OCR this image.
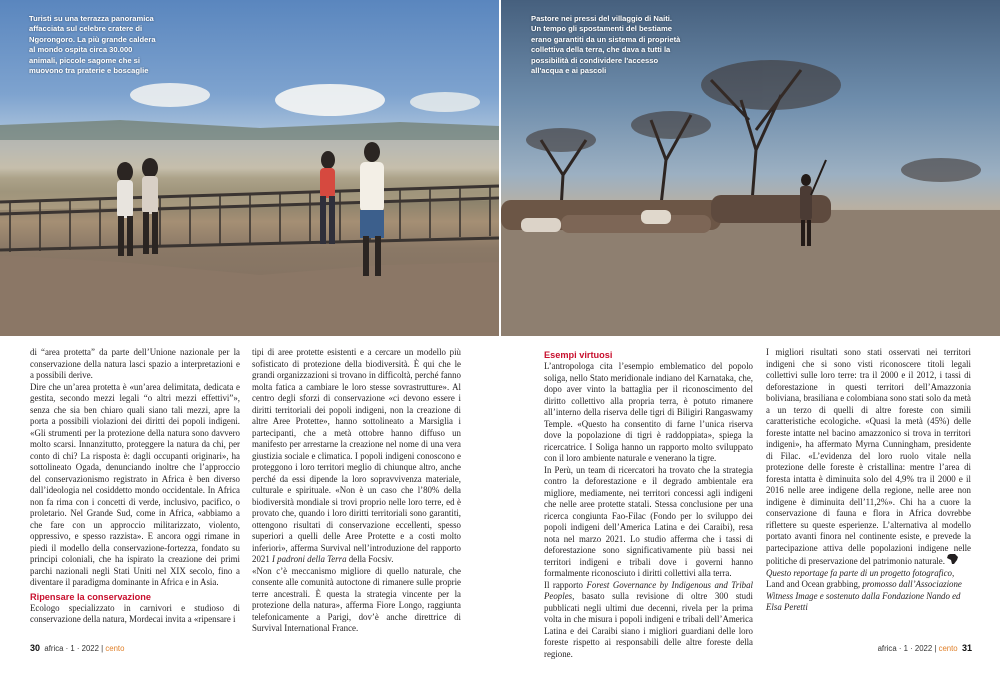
Turisti su una terrazza panoramica affacciata sul celebre cratere di Ngorongoro. La più grande caldera al mondo ospita circa 30.000 animali, piccole sagome che si muovono tra praterie e boscaglie
Pastore nei pressi del villaggio di Naiti. Un tempo gli spostamenti del bestiame erano garantiti da un sistema di proprietà collettiva della terra, che dava a tutti la possibilità di condividere l'accesso all'acqua e ai pascoli

di “area protetta” da parte dell’Unione nazionale per la conservazione della natura lasci spazio a interpretazioni e a possibili derive.

Dire che un’area protetta è «un’area delimitata, dedicata e gestita, secondo mezzi legali “o altri mezzi effettivi”», senza che sia ben chiaro quali siano tali mezzi, apre la porta a possibili violazioni dei diritti dei popoli indigeni. «Gli strumenti per la protezione della natura sono davvero molto scarsi. Innanzitutto, proteggere la natura da chi, per conto di chi? La risposta è: dagli occupanti originari», ha sottolineato Ogada, denunciando inoltre che l’approccio del conservazionismo registrato in Africa è ben diverso dall’ideologia nel cosiddetto mondo occidentale. In Africa non fa rima con i concetti di verde, inclusivo, pacifico, o proletario. Nel Grande Sud, come in Africa, «abbiamo a che fare con un approccio militarizzato, violento, oppressivo, e spesso razzista». E ancora oggi rimane in piedi il modello della conservazione-fortezza, fondato su principi coloniali, che ha ispirato la creazione dei primi parchi nazionali negli Stati Uniti nel XIX secolo, fino a diventare il paradigma dominante in Africa e in Asia.

Ripensare la conservazione

Ecologo specializzato in carnivori e studioso di conservazione della natura, Mordecai invita a «ripensare i

tipi di aree protette esistenti e a cercare un modello più sofisticato di protezione della biodiversità. È qui che le grandi organizzazioni si trovano in difficoltà, perché fanno molta fatica a cambiare le loro stesse sovrastrutture». Al centro degli sforzi di conservazione «ci devono essere i diritti territoriali dei popoli indigeni, non la creazione di altre Aree Protette», hanno sottolineato a Marsiglia i partecipanti, che a metà ottobre hanno diffuso un manifesto per arrestarne la creazione nel nome di una vera giustizia sociale e climatica. I popoli indigeni conoscono e proteggono i loro territori meglio di chiunque altro, anche perché da essi dipende la loro sopravvivenza materiale, culturale e spirituale. «Non è un caso che l’80% della biodiversità mondiale si trovi proprio nelle loro terre, ed è provato che, quando i loro diritti territoriali sono garantiti, ottengono risultati di conservazione eccellenti, spesso superiori a quelli delle Aree Protette e a costi molto inferiori», afferma Survival nell’introduzione del rapporto 2021 I padroni della Terra della Focsiv.

«Non c’è meccanismo migliore di quello naturale, che consente alle comunità autoctone di rimanere sulle proprie terre ancestrali. È questa la strategia vincente per la protezione della natura», afferma Fiore Longo, raggiunta telefonicamente a Parigi, dov’è anche direttrice di Survival International France.

Esempi virtuosi

L’antropologa cita l’esempio emblematico del popolo soliga, nello Stato meridionale indiano del Karnataka, che, dopo aver vinto la battaglia per il riconoscimento del diritto collettivo alla propria terra, è potuto rimanere all’interno della riserva delle tigri di Biligiri Rangaswamy Temple. «Questo ha consentito di farne l’unica riserva dove la popolazione di tigri è raddoppiata», spiega la ricercatrice. I Soliga hanno un rapporto molto sviluppato con il loro ambiente naturale e venerano la tigre.

In Perù, un team di ricercatori ha trovato che la strategia contro la deforestazione e il degrado ambientale era migliore, mediamente, nei territori concessi agli indigeni che nelle aree protette statali. Stessa conclusione per una ricerca congiunta Fao-Filac (Fondo per lo sviluppo dei popoli indigeni dell’America Latina e dei Caraibi), resa nota nel marzo 2021. Lo studio afferma che i tassi di deforestazione sono significativamente più bassi nei territori indigeni e tribali dove i governi hanno formalmente riconosciuto i diritti collettivi alla terra.

Il rapporto Forest Governance by Indigenous and Tribal Peoples, basato sulla revisione di oltre 300 studi pubblicati negli ultimi due decenni, rivela per la prima volta in che misura i popoli indigeni e tribali dell’America Latina e dei Caraibi siano i migliori guardiani delle loro foreste rispetto ai responsabili delle altre foreste della regione.

I migliori risultati sono stati osservati nei territori indigeni che si sono visti riconoscere titoli legali collettivi sulle loro terre: tra il 2000 e il 2012, i tassi di deforestazione in questi territori dell’Amazzonia boliviana, brasiliana e colombiana sono stati solo da metà a un terzo di quelli di altre foreste con simili caratteristiche ecologiche. «Quasi la metà (45%) delle foreste intatte nel bacino amazzonico si trova in territori indigeni», ha affermato Myrna Cunningham, presidente di Filac. «L’evidenza del loro ruolo vitale nella protezione delle foreste è cristallina: mentre l’area di foresta intatta è diminuita solo del 4,9% tra il 2000 e il 2016 nelle aree indigene della regione, nelle aree non indigene è diminuita dell’11,2%». Chi ha a cuore la conservazione di fauna e flora in Africa dovrebbe riflettere su queste esperienze. L’alternativa al modello portato avanti finora nel continente esiste, e prevede la partecipazione attiva delle popolazioni indigene nelle politiche di preservazione del patrimonio naturale.

Questo reportage fa parte di un progetto fotografico, Land and Ocean grabbing, promosso dall’Associazione Witness Image e sostenuto dalla Fondazione Nando ed Elsa Peretti

30 africa · 1 · 2022 | cento	africa · 1 · 2022 | cento 31
